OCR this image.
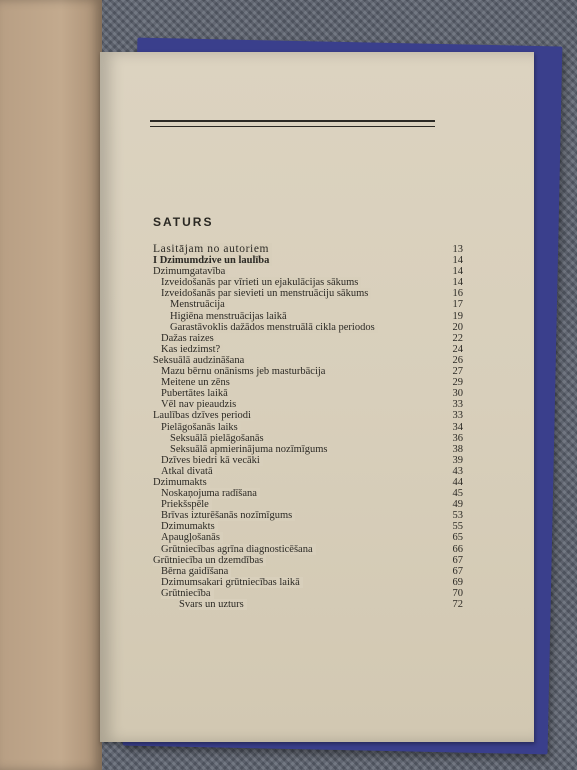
SATURS
Lasitājam no autoriem	13
I Dzimumdzive un laulība	14
Dzimumgatavība	14
Izveidošanās par vīrieti un ejakulācijas sākums	14
Izveidošanās par sievieti un menstruāciju sākums	16
Menstruācija	17
Higiēna menstruācijas laikā	19
Garastāvoklis dažādos menstruālā cikla periodos	20
Dažas raizes	22
Kas iedzimst?	24
Seksuālā audzināšana	26
Mazu bērnu onānisms jeb masturbācija	27
Meitene un zēns	29
Pubertātes laikā	30
Vēl nav pieaudzis	33
Laulības dzīves periodi	33
Pielāgošanās laiks	34
Seksuālā pielāgošanās	36
Seksuālā apmierinājuma nozīmīgums	38
Dzīves biedri kā vecāki	39
Atkal divatā	43
Dzimumakts	44
Noskaņojuma radīšana	45
Priekšspēle	49
Brīvas izturēšanās nozīmīgums	53
Dzimumakts	55
Apaugļošanās	65
Grūtniecības agrīna diagnosticēšana	66
Grūtniecība un dzemdības	67
Bērna gaidīšana	67
Dzimumsakari grūtniecības laikā	69
Grūtniecība	70
Svars un uzturs	72
